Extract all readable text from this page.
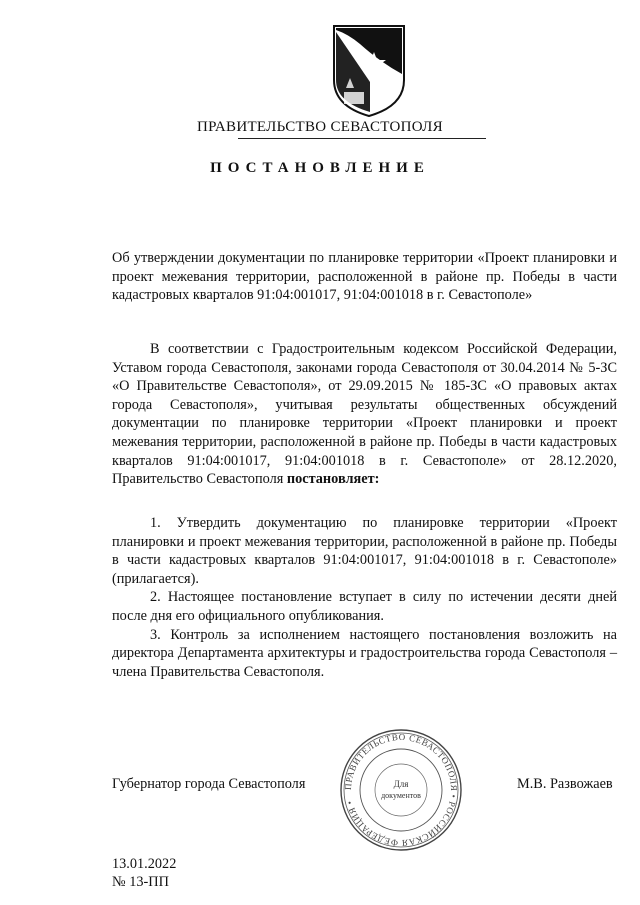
ПРАВИТЕЛЬСТВО СЕВАСТОПОЛЯ
ПОСТАНОВЛЕНИЕ
Об утверждении документации по планировке территории «Проект планировки и проект межевания территории, расположенной в районе пр. Победы в части кадастровых кварталов 91:04:001017, 91:04:001018 в г. Севастополе»
В соответствии с Градостроительным кодексом Российской Федерации, Уставом города Севастополя, законами города Севастополя от 30.04.2014 № 5-ЗС «О Правительстве Севастополя», от 29.09.2015 № 185-ЗС «О правовых актах города Севастополя», учитывая результаты общественных обсуждений документации по планировке территории «Проект планировки и проект межевания территории, расположенной в районе пр. Победы в части кадастровых кварталов 91:04:001017, 91:04:001018 в г. Севастополе» от 28.12.2020, Правительство Севастополя постановляет:

1. Утвердить документацию по планировке территории «Проект планировки и проект межевания территории, расположенной в районе пр. Победы в части кадастровых кварталов 91:04:001017, 91:04:001018 в г. Севастополе» (прилагается).

2. Настоящее постановление вступает в силу по истечении десяти дней после дня его официального опубликования.

3. Контроль за исполнением настоящего постановления возложить на директора Департамента архитектуры и градостроительства города Севастополя – члена Правительства Севастополя.

Губернатор города Севастополя	ПРАВИТЕЛЬСТВО СЕВАСТОПОЛЯ • РОССИЙСКАЯ ФЕДЕРАЦИЯ •
Для
документов
М.В. Развожаев
13.01.2022
№ 13-ПП
